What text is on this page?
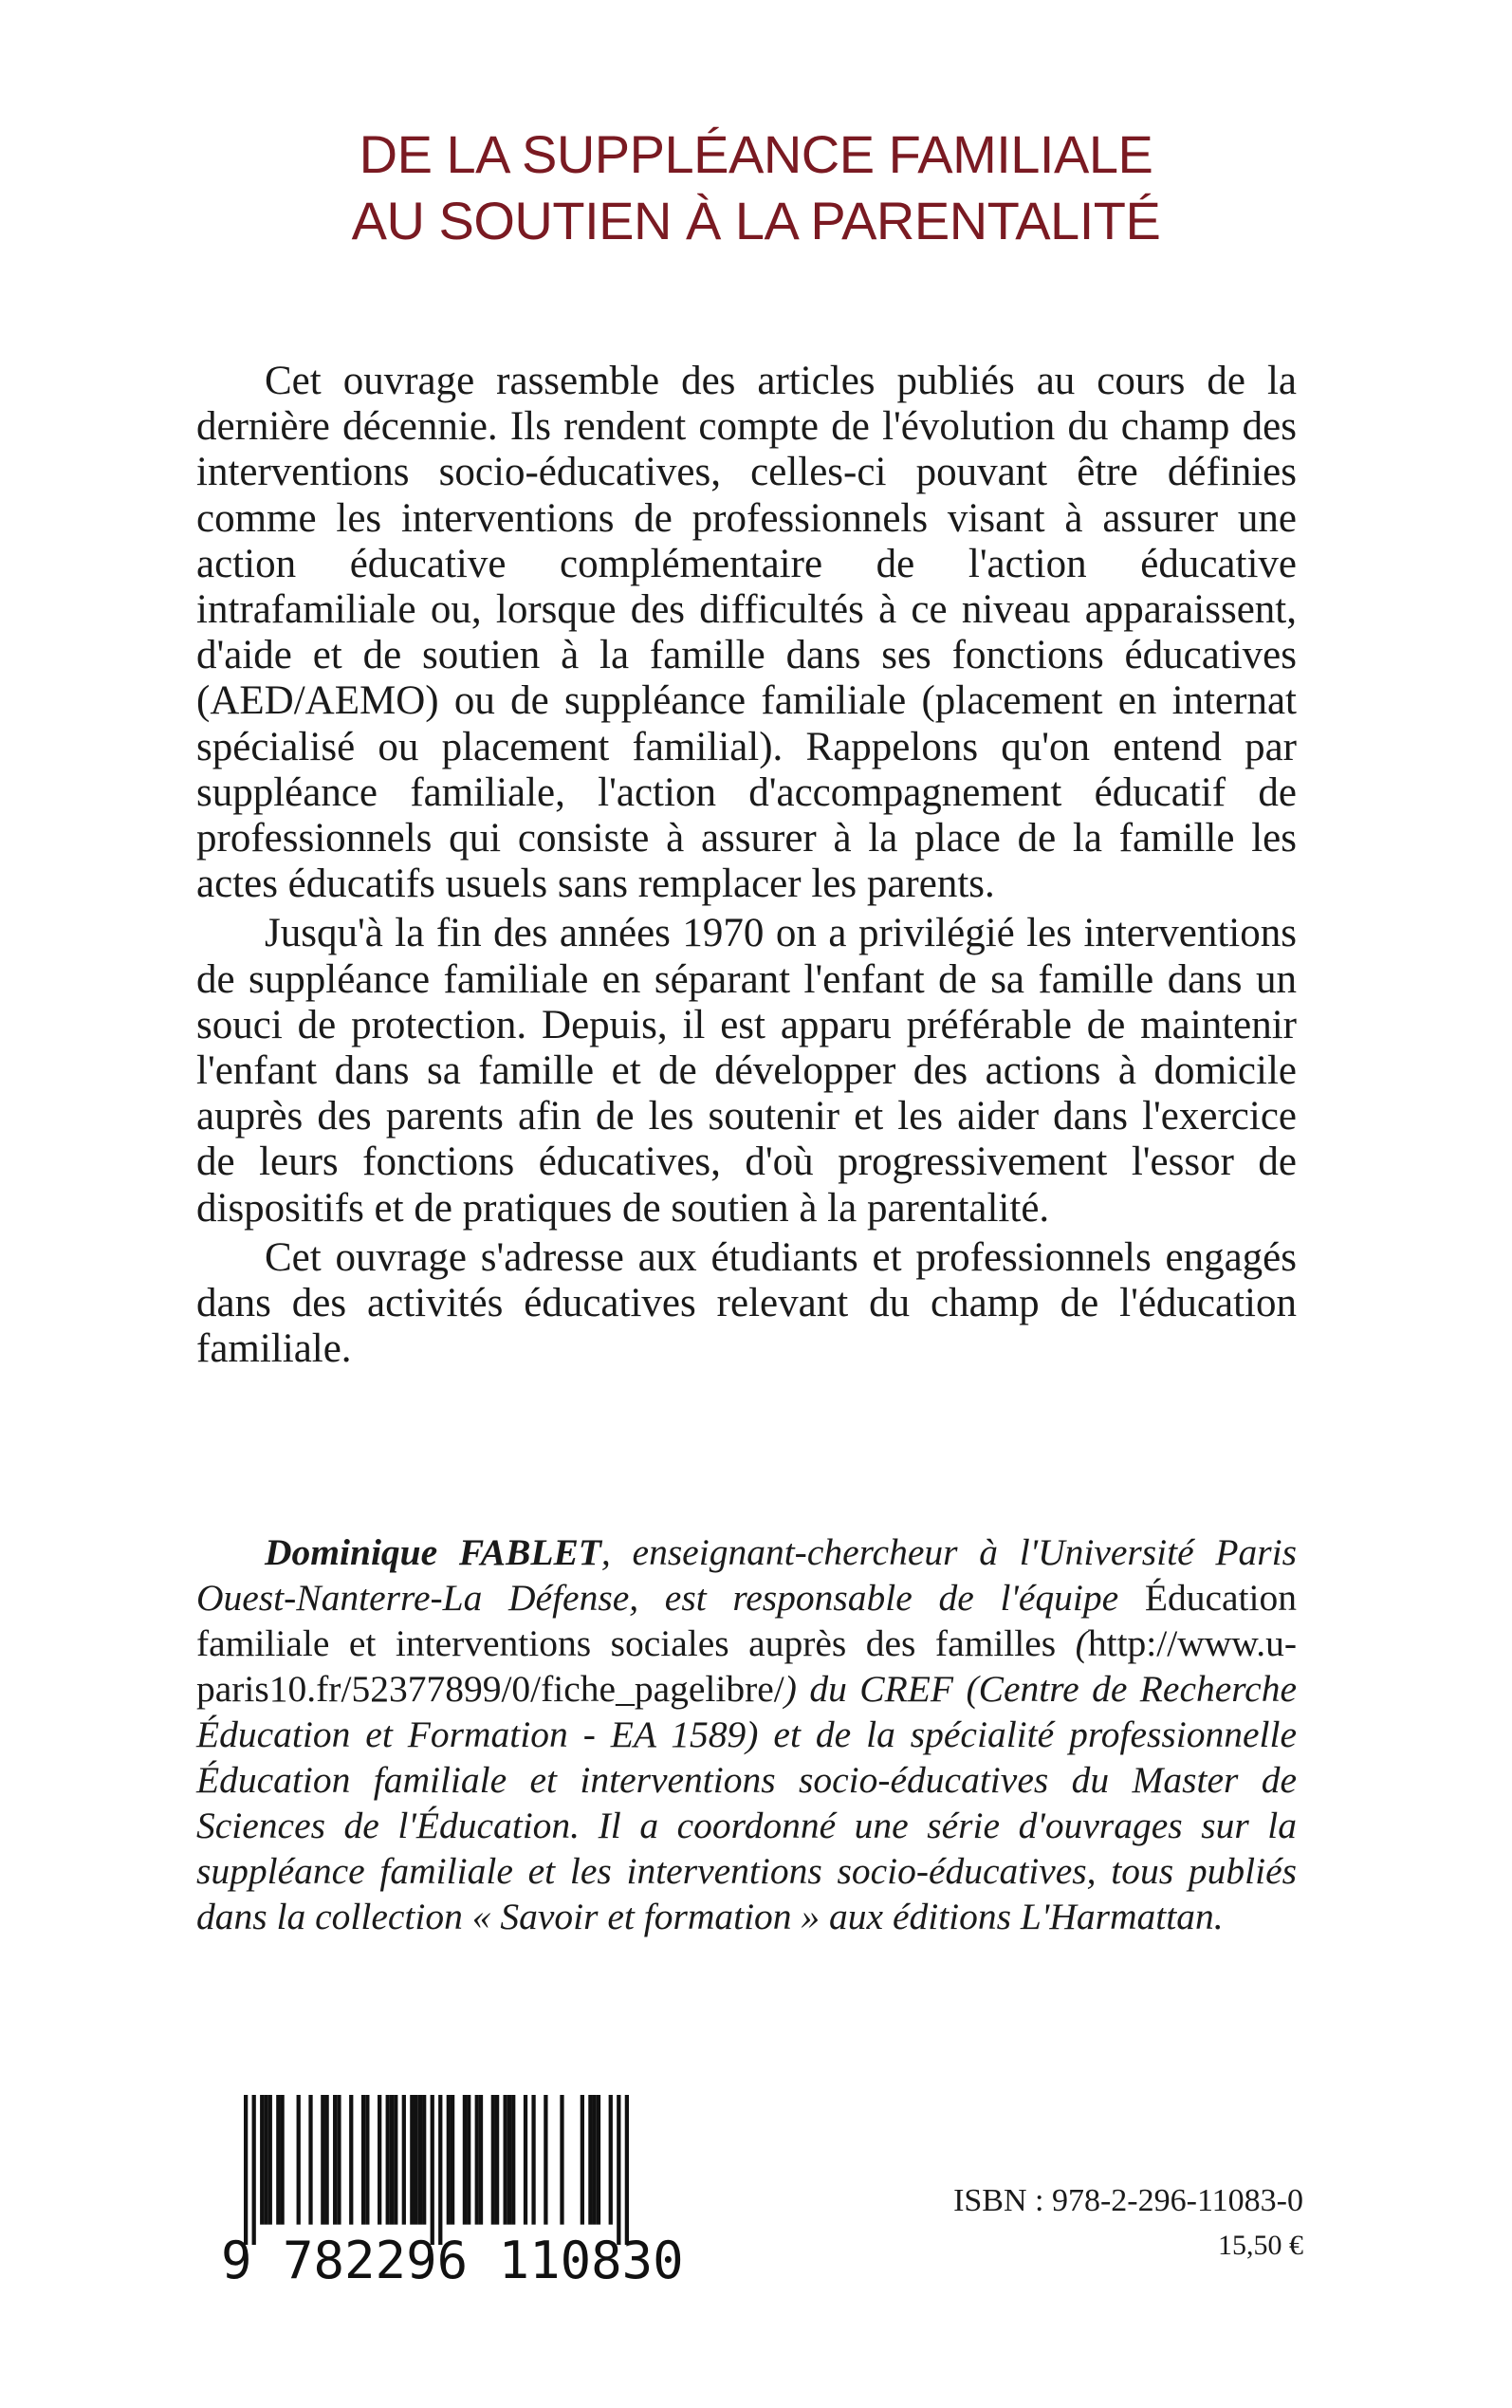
DE LA SUPPLÉANCE FAMILIALE
AU SOUTIEN À LA PARENTALITÉ

Cet ouvrage rassemble des articles publiés au cours de la dernière décennie. Ils rendent compte de l'évolution du champ des interventions socio-éducatives, celles-ci pouvant être définies comme les interventions de professionnels visant à assurer une action éducative complémentaire de l'action éducative intrafamiliale ou, lorsque des difficultés à ce niveau apparaissent, d'aide et de soutien à la famille dans ses fonctions éducatives (AED/AEMO) ou de suppléance familiale (placement en internat spécialisé ou placement familial). Rappelons qu'on entend par suppléance familiale, l'action d'accompagnement éducatif de professionnels qui consiste à assurer à la place de la famille les actes éducatifs usuels sans remplacer les parents.

Jusqu'à la fin des années 1970 on a privilégié les interventions de suppléance familiale en séparant l'enfant de sa famille dans un souci de protection. Depuis, il est apparu préférable de maintenir l'enfant dans sa famille et de développer des actions à domicile auprès des parents afin de les soutenir et les aider dans l'exercice de leurs fonctions éducatives, d'où progressivement l'essor de dispositifs et de pratiques de soutien à la parentalité.

Cet ouvrage s'adresse aux étudiants et professionnels engagés dans des activités éducatives relevant du champ de l'éducation familiale.

Dominique FABLET, enseignant-chercheur à l'Université Paris Ouest-Nanterre-La Défense, est responsable de l'équipe Éducation familiale et interventions sociales auprès des familles (http://www.u-paris10.fr/52377899/0/fiche_pagelibre/) du CREF (Centre de Recherche Éducation et Formation - EA 1589) et de la spécialité professionnelle Éducation familiale et interventions socio-éducatives du Master de Sciences de l'Éducation. Il a coordonné une série d'ouvrages sur la suppléance familiale et les interventions socio-éducatives, tous publiés dans la collection « Savoir et formation » aux éditions L'Harmattan.

9 782296 110830
ISBN : 978-2-296-11083-0
15,50 €
